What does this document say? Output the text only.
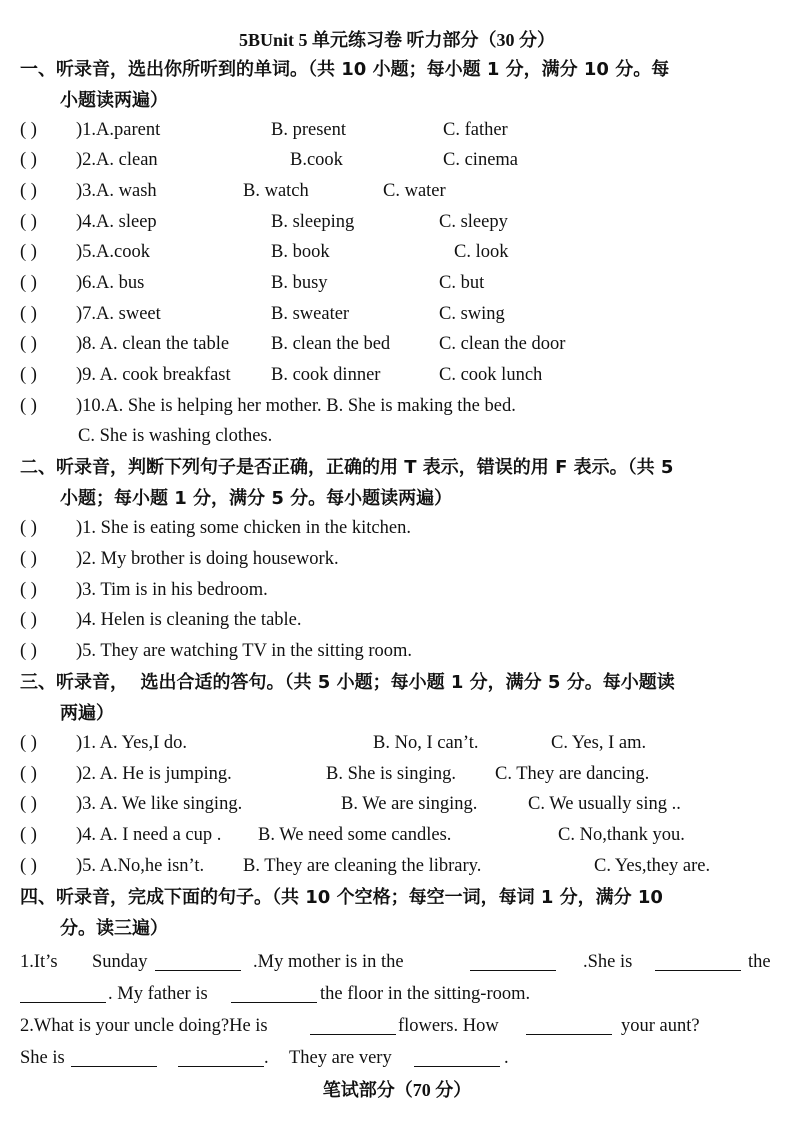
5BUnit 5 单元练习卷 听力部分（30 分）
一、听录音，选出你所听到的单词。（共 10 小题；每小题 1 分，满分 10 分。每
小题读两遍）
( ) )1.A.parent	B. present	C. father
( ) )2.A. clean	B.cook	C. cinema
( ) )3.A. wash	B. watch	C. water
( ) )4.A. sleep	B. sleeping	C. sleepy
( ) )5.A.cook	B. book	C. look
( ) )6.A. bus	B. busy	C. but
( ) )7.A. sweet	B. sweater	C. swing
( ) )8. A. clean the table B. clean the bed	C. clean the door
( ) )9. A. cook breakfast B. cook dinner	C. cook lunch
( ) )10.A. She is helping her mother. B. She is making the bed.
C. She is washing clothes.
二、听录音，判断下列句子是否正确，正确的用 T 表示，错误的用 F 表示。（共 5
小题；每小题 1 分，满分 5 分。每小题读两遍）
( ) )1. She is eating some chicken in the kitchen.
( ) )2. My brother is doing housework.
( ) )3. Tim is in his bedroom.
( ) )4. Helen is cleaning the table.
( ) )5. They are watching TV in the sitting room.
三、听录音，  选出合适的答句。（共 5 小题；每小题 1 分，满分 5 分。每小题读
两遍）
( ) )1. A. Yes,I do.	B. No, I can’t.	C. Yes, I am.
( ) )2. A. He is jumping.	B. She is singing. C. They are dancing.
( ) )3. A. We like singing.	B. We are singing.	C. We usually sing ..
( ) )4. A. I need a cup . B. We need some candles.	C. No,thank you.
( ) )5. A.No,he isn’t. B. They are cleaning the library.	C. Yes,they are.
四、听录音，完成下面的句子。（共 10 个空格；每空一词，每词 1 分，满分 10
分。读三遍）
1.It’s Sunday	.My mother is in the	.She is	the
. My father is	the floor in the sitting-room.
2.What is your uncle doing?He is	flowers. How	your aunt?
She is	. They are very	.
笔试部分（70 分）
